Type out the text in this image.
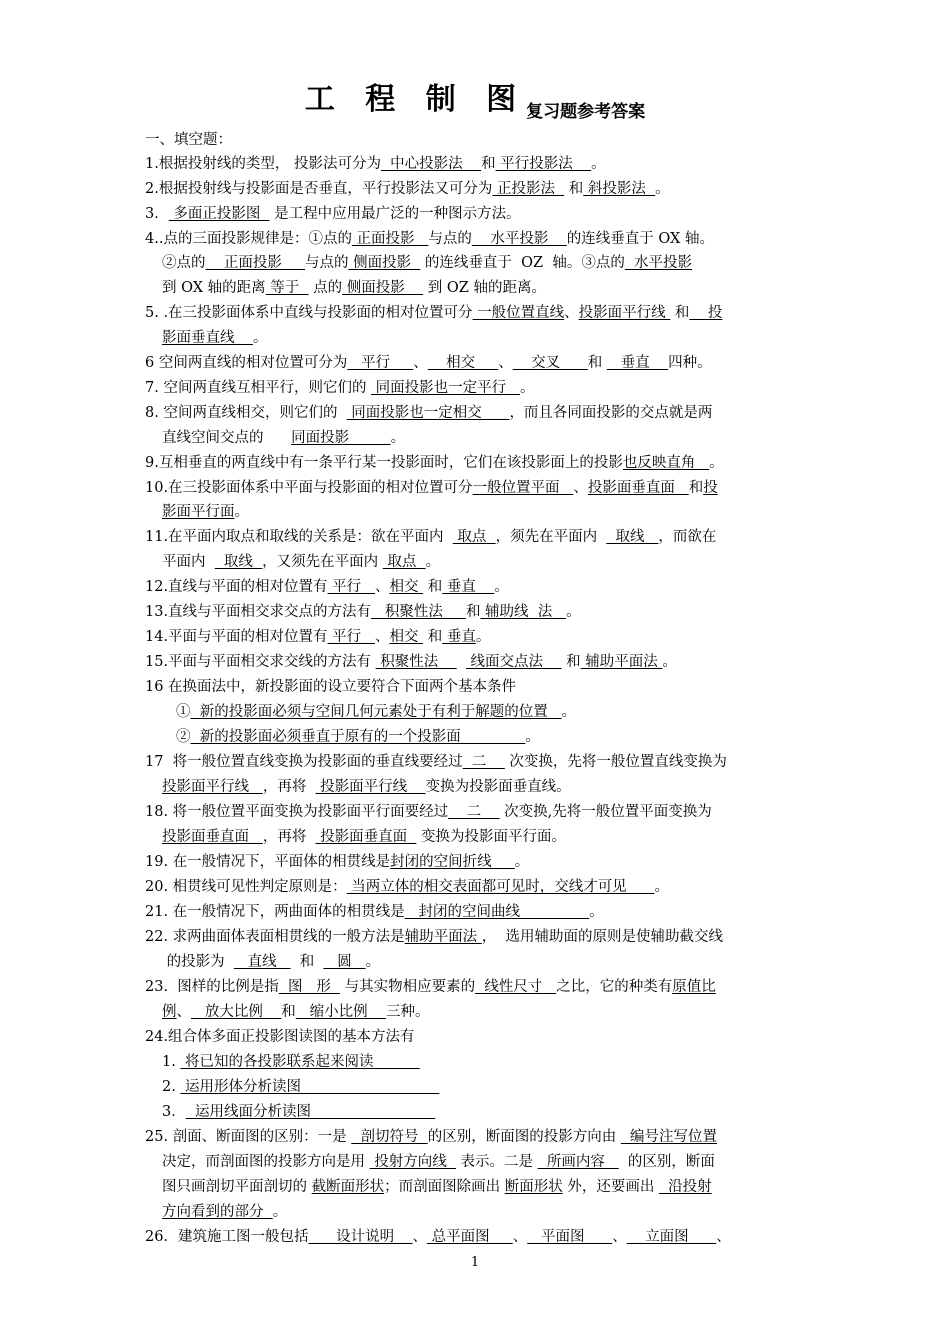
工 程 制 图复习题参考答案
一、填空题：
1.根据投射线的类型， 投影法可分为  中心投影法    和 平行投影法    。
2.根据投射线与投影面是否垂直，平行投影法又可分为 正投影法   和 斜投影法  。
3． 多面正投影图   是工程中应用最广泛的一种图示方法。
4..点的三面投影规律是：①点的 正面投影   与点的    水平投影    的连线垂直于 OX 轴。
②点的    正面投影     与点的 侧面投影   的连线垂直于  OZ  轴。③点的  水平投影
到 OX 轴的距离 等于   点的 侧面投影     到 OZ 轴的距离。
5. .在三投影面体系中直线与投影面的相对位置可分 一般位置直线、投影面平行线  和    投
影面垂直线    。
6 空间两直线的相对位置可分为   平行     、    相交     、    交叉      和    垂直    四种。
7. 空间两直线互相平行，则它们的  同面投影也一定平行   。
8. 空间两直线相交，则它们的   同面投影也一定相交      ，而且各同面投影的交点就是两
直线空间交点的      同面投影         。
9.互相垂直的两直线中有一条平行某一投影面时，它们在该投影面上的投影也反映直角   。
10.在三投影面体系中平面与投影面的相对位置可分一般位置平面   、投影面垂直面   和投
影面平行面。
11.在平面内取点和取线的关系是：欲在平面内   取点  ，须先在平面内    取线   ，而欲在
平面内    取线  ，又须先在平面内  取点  。
12.直线与平面的相对位置有 平行   、相交  和 垂直    。
13.直线与平面相交求交点的方法有   积聚性法     和 辅助线  法   。
14.平面与平面的相对位置有 平行   、相交  和 垂直。
15.平面与平面相交求交线的方法有  积聚性法       线面交点法     和 辅助平面法 。
16 在换面法中，新投影面的设立要符合下面两个基本条件
①  新的投影面必须与空间几何元素处于有利于解题的位置   。
②  新的投影面必须垂直于原有的一个投影面              。
17  将一般位置直线变换为投影面的垂直线要经过  二     次变换，先将一般位置直线变换为
投影面平行线   ，再将   投影面平行线    变换为投影面垂直线。
18. 将一般位置平面变换为投影面平行面要经过    二     次变换,先将一般位置平面变换为
投影面垂直面   ，再将   投影面垂直面   变换为投影面平行面。
19. 在一般情况下，平面体的相贯线是封闭的空间折线     。
20. 相贯线可见性判定原则是： 当两立体的相交表面都可见时，交线才可见      。
21. 在一般情况下，两曲面体的相贯线是   封闭的空间曲线               。
22. 求两曲面体表面相贯线的一般方法是辅助平面法 ，  选用辅助面的原则是使辅助截交线
的投影为     直线     和     圆   。
23.  图样的比例是指  图   形   与其实物相应要素的  线性尺寸   之比，它的种类有原值比
例、   放大比例    和   缩小比例    三种。
24.组合体多面正投影图读图的基本方法有
1.  将已知的各投影联系起来阅读
2.  运用形体分析读图
3．  运用线面分析读图
25. 剖面、断面图的区别：一是   剖切符号  的区别，断面图的投影方向由   编号注写位置
决定，而剖面图的投影方向是用  投射方向线   表示。二是   所画内容     的区别，断面
图只画剖切平面剖切的 截断面形状；而剖面图除画出 断面形状 外，还要画出   沿投射
方向看到的部分  。
26．建筑施工图一般包括      设计说明    、 总平面图     、   平面图      、    立面图      、
1
